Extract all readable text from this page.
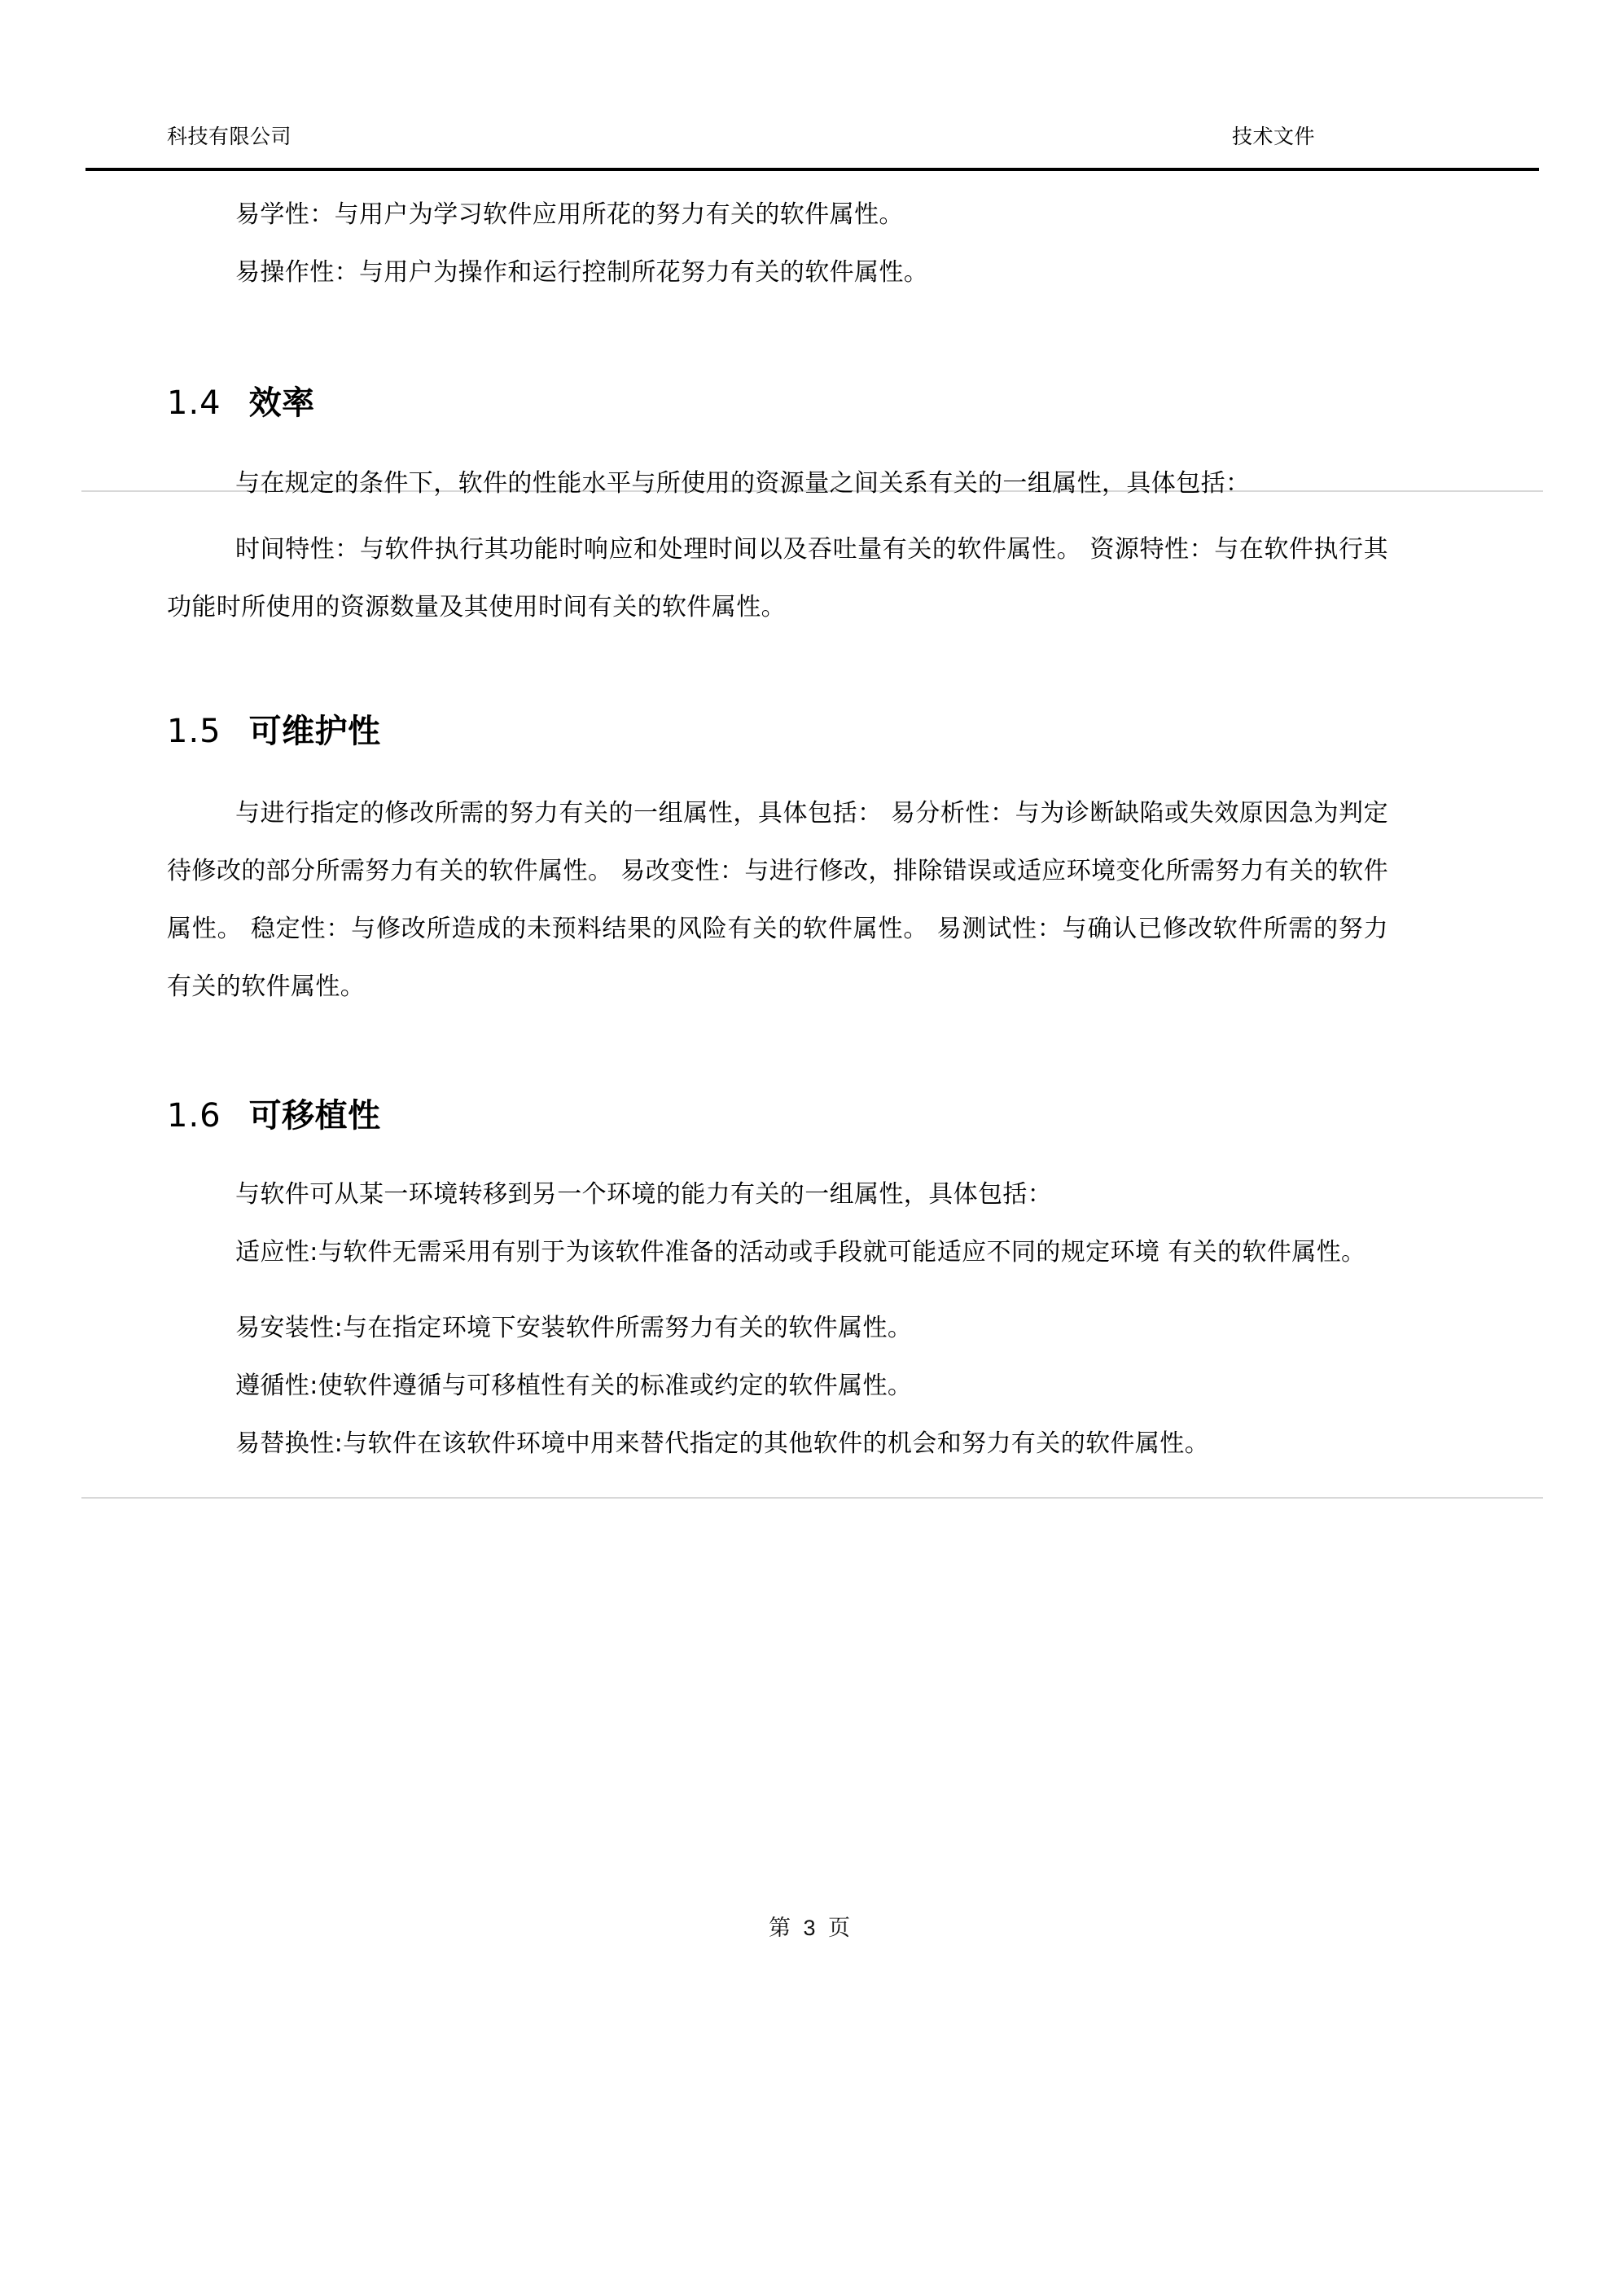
科技有限公司	技术文件

易学性：与用户为学习软件应用所花的努力有关的软件属性。

易操作性：与用户为操作和运行控制所花努力有关的软件属性。

1.4 效率

与在规定的条件下，软件的性能水平与所使用的资源量之间关系有关的一组属性，具体包括：

时间特性：与软件执行其功能时响应和处理时间以及吞吐量有关的软件属性。 资源特性：与在软件执行其功能时所使用的资源数量及其使用时间有关的软件属性。

1.5 可维护性

与进行指定的修改所需的努力有关的一组属性，具体包括： 易分析性：与为诊断缺陷或失效原因急为判定待修改的部分所需努力有关的软件属性。 易改变性：与进行修改，排除错误或适应环境变化所需努力有关的软件属性。 稳定性：与修改所造成的未预料结果的风险有关的软件属性。 易测试性：与确认已修改软件所需的努力有关的软件属性。

1.6 可移植性

与软件可从某一环境转移到另一个环境的能力有关的一组属性，具体包括：

适应性:与软件无需采用有别于为该软件准备的活动或手段就可能适应不同的规定环境 有关的软件属性。

易安装性:与在指定环境下安装软件所需努力有关的软件属性。

遵循性:使软件遵循与可移植性有关的标准或约定的软件属性。

易替换性:与软件在该软件环境中用来替代指定的其他软件的机会和努力有关的软件属性。

第 3 页
